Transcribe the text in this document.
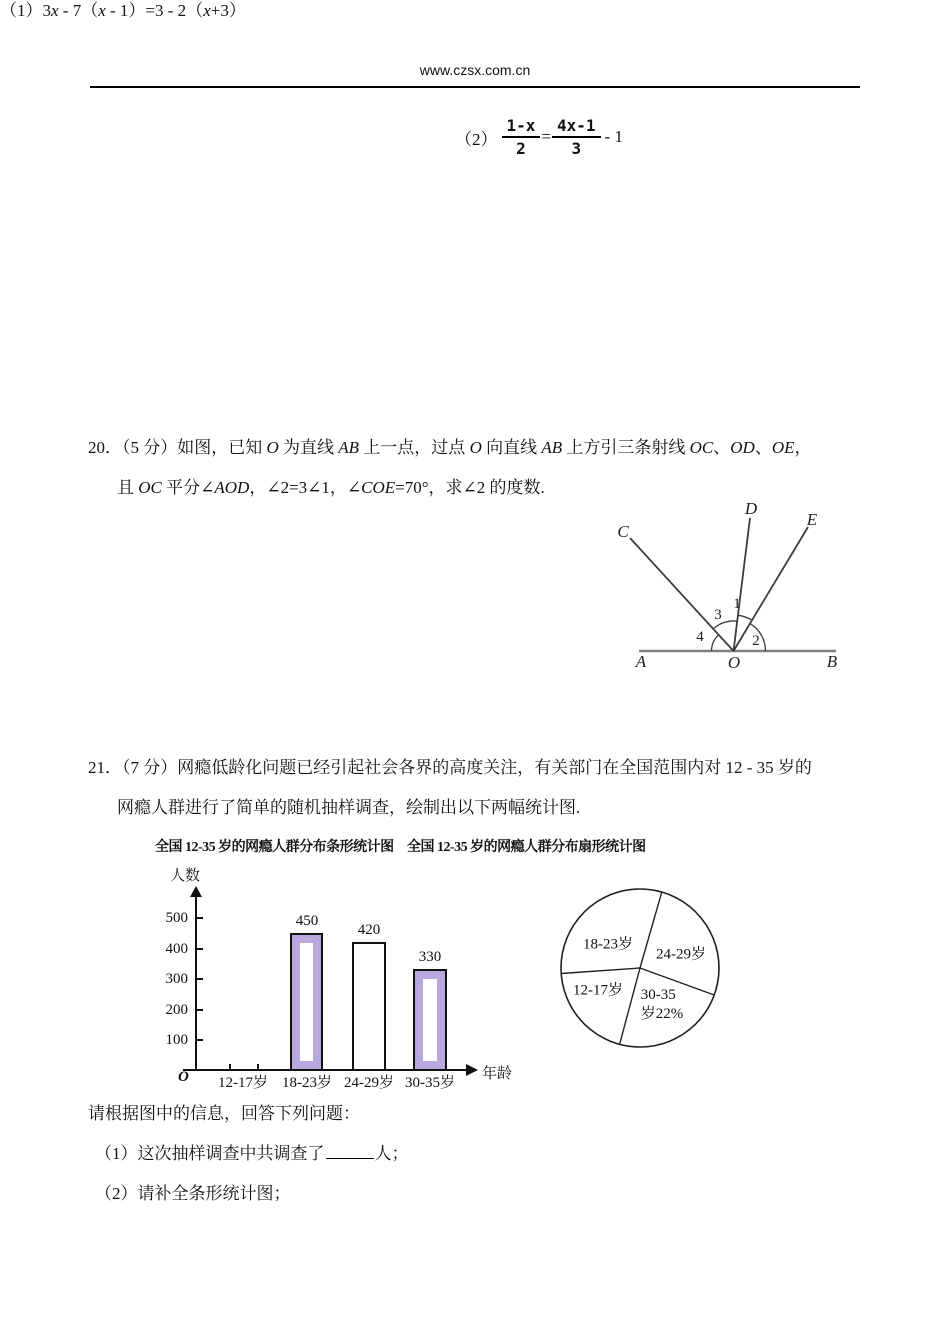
www.czsx.com.cn
（1）3x - 7（x - 1）=3 - 2（x+3）
$(2) \frac{1-x}{2} = \frac{4x-1}{3} - 1$
20．（5 分）如图，已知 O 为直线 AB 上一点，过点 O 向直线 AB 上方引三条射线 OC、OD、OE，
且 OC 平分∠AOD，∠2=3∠1，∠COE=70°，求∠2 的度数.
C
D
E
A	O	B
3
1
4	2
21．（7 分）网瘾低龄化问题已经引起社会各界的高度关注，有关部门在全国范围内对 12 - 35 岁的
网瘾人群进行了简单的随机抽样调查，绘制出以下两幅统计图.
全国 12-35 岁的网瘾人群分布条形统计图 全国 12-35 岁的网瘾人群分布扇形统计图
人数
年龄
O
500
400
300
200
100
450
420
330
12-17岁 18-23岁 24-29岁 30-35岁
18-23岁
24-29岁
12-17岁 30-35
岁22%
请根据图中的信息，回答下列问题：
（1）这次抽样调查中共调查了	人；
（2）请补全条形统计图；
